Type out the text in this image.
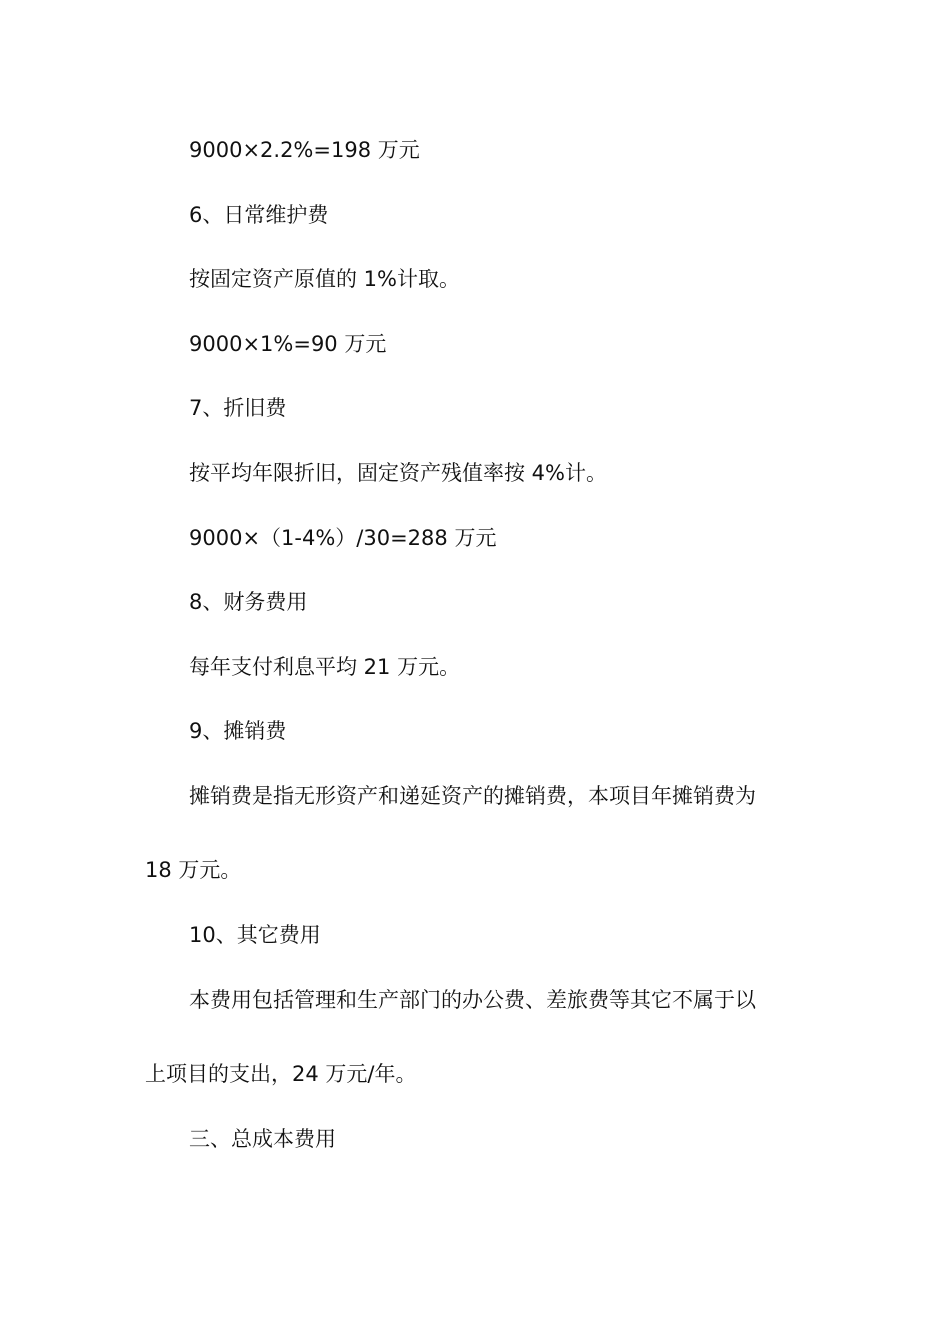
9000×2.2%=198 万元
6、日常维护费
按固定资产原值的 1%计取。
9000×1%=90 万元
7、折旧费
按平均年限折旧，固定资产残值率按 4%计。
9000×（1-4%）/30=288 万元
8、财务费用
每年支付利息平均 21 万元。
9、摊销费
摊销费是指无形资产和递延资产的摊销费，本项目年摊销费为
18 万元。
10、其它费用
本费用包括管理和生产部门的办公费、差旅费等其它不属于以
上项目的支出，24 万元/年。
三、总成本费用
